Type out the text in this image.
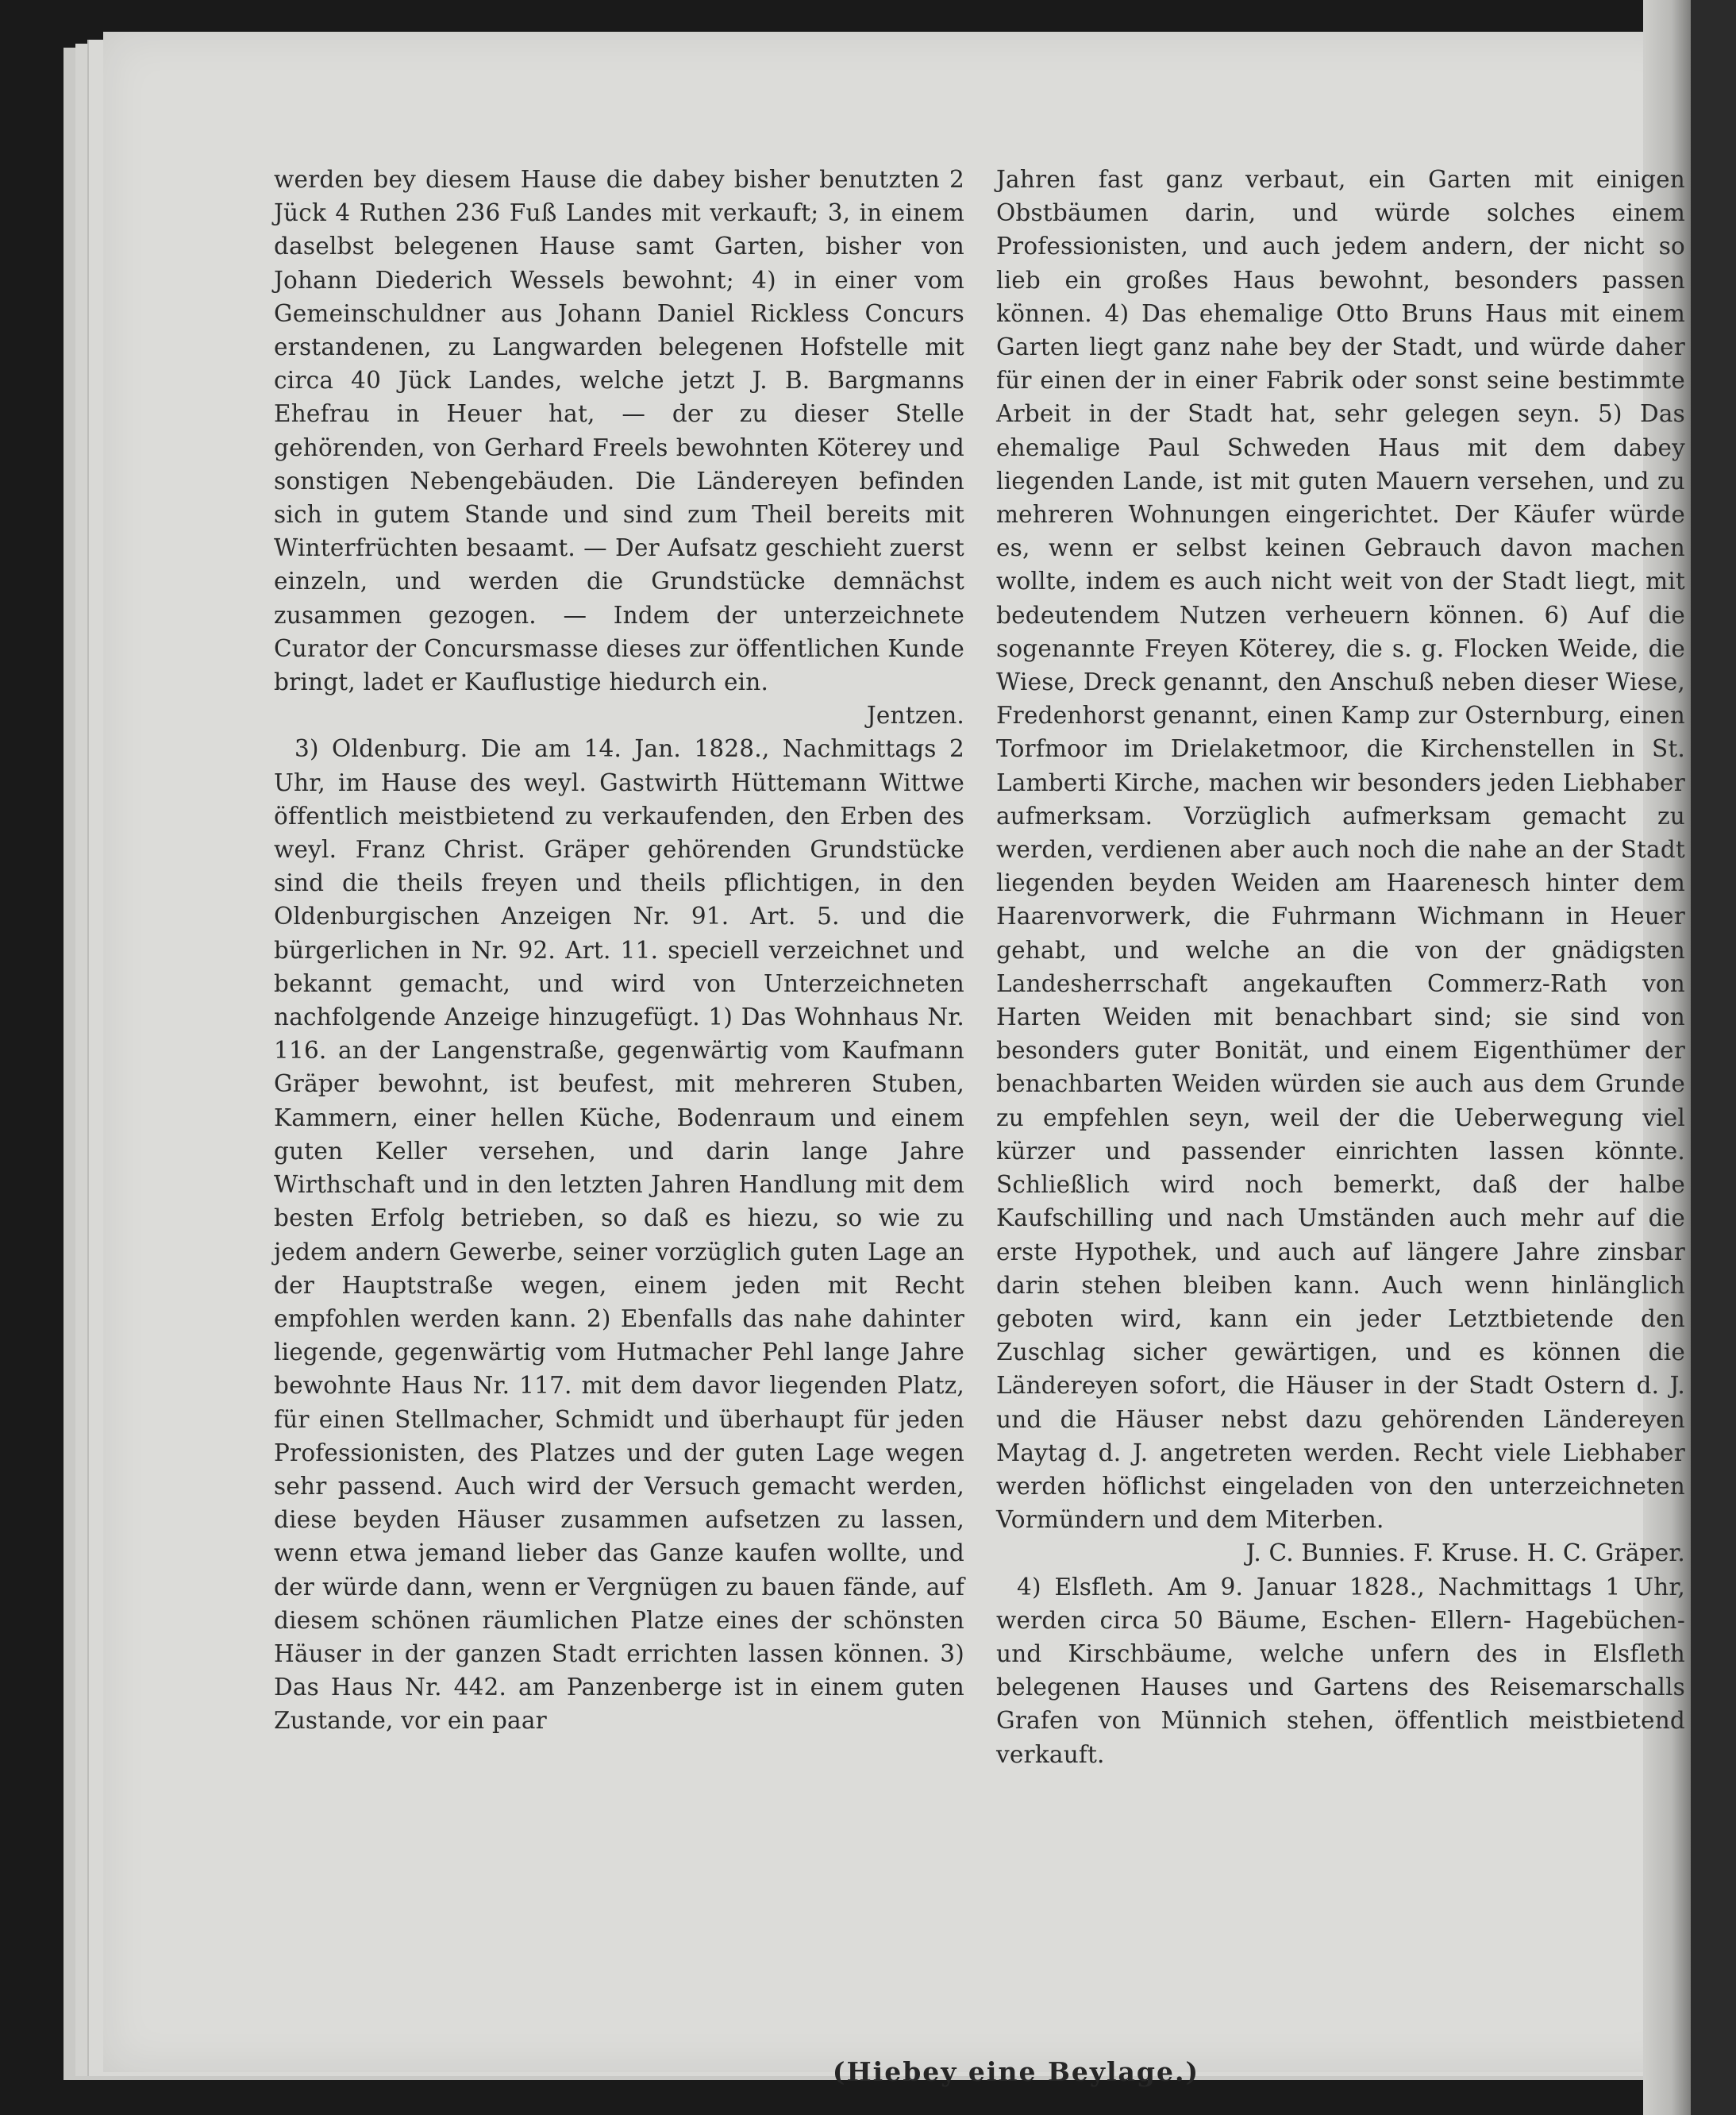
werden bey diesem Hause die dabey bisher benutzten 2 Jück 4 Ruthen 236 Fuß Landes mit verkauft; 3, in einem daselbst belegenen Hause samt Garten, bisher von Johann Diederich Wessels bewohnt; 4) in einer vom Gemeinschuldner aus Johann Daniel Rickless Concurs erstandenen, zu Langwarden belegenen Hofstelle mit circa 40 Jück Landes, welche jetzt J. B. Bargmanns Ehefrau in Heuer hat, — der zu dieser Stelle gehörenden, von Gerhard Freels bewohnten Köterey und sonstigen Nebengebäuden. Die Ländereyen befinden sich in gutem Stande und sind zum Theil bereits mit Winterfrüchten besaamt. — Der Aufsatz geschieht zuerst einzeln, und werden die Grundstücke demnächst zusammen gezogen. — Indem der unterzeichnete Curator der Concursmasse dieses zur öffentlichen Kunde bringt, ladet er Kauflustige hiedurch ein.

Jentzen.

3) Oldenburg. Die am 14. Jan. 1828., Nachmittags 2 Uhr, im Hause des weyl. Gastwirth Hüttemann Wittwe öffentlich meistbietend zu verkaufenden, den Erben des weyl. Franz Christ. Gräper gehörenden Grundstücke sind die theils freyen und theils pflichtigen, in den Oldenburgischen Anzeigen Nr. 91. Art. 5. und die bürgerlichen in Nr. 92. Art. 11. speciell verzeichnet und bekannt gemacht, und wird von Unterzeichneten nachfolgende Anzeige hinzugefügt. 1) Das Wohnhaus Nr. 116. an der Langenstraße, gegenwärtig vom Kaufmann Gräper bewohnt, ist beufest, mit mehreren Stuben, Kammern, einer hellen Küche, Bodenraum und einem guten Keller versehen, und darin lange Jahre Wirthschaft und in den letzten Jahren Handlung mit dem besten Erfolg betrieben, so daß es hiezu, so wie zu jedem andern Gewerbe, seiner vorzüglich guten Lage an der Hauptstraße wegen, einem jeden mit Recht empfohlen werden kann. 2) Ebenfalls das nahe dahinter liegende, gegenwärtig vom Hutmacher Pehl lange Jahre bewohnte Haus Nr. 117. mit dem davor liegenden Platz, für einen Stellmacher, Schmidt und überhaupt für jeden Professionisten, des Platzes und der guten Lage wegen sehr passend. Auch wird der Versuch gemacht werden, diese beyden Häuser zusammen aufsetzen zu lassen, wenn etwa jemand lieber das Ganze kaufen wollte, und der würde dann, wenn er Vergnügen zu bauen fände, auf diesem schönen räumlichen Platze eines der schönsten Häuser in der ganzen Stadt errichten lassen können. 3) Das Haus Nr. 442. am Panzenberge ist in einem guten Zustande, vor ein paar

Jahren fast ganz verbaut, ein Garten mit einigen Obstbäumen darin, und würde solches einem Professionisten, und auch jedem andern, der nicht so lieb ein großes Haus bewohnt, besonders passen können. 4) Das ehemalige Otto Bruns Haus mit einem Garten liegt ganz nahe bey der Stadt, und würde daher für einen der in einer Fabrik oder sonst seine bestimmte Arbeit in der Stadt hat, sehr gelegen seyn. 5) Das ehemalige Paul Schweden Haus mit dem dabey liegenden Lande, ist mit guten Mauern versehen, und zu mehreren Wohnungen eingerichtet. Der Käufer würde es, wenn er selbst keinen Gebrauch davon machen wollte, indem es auch nicht weit von der Stadt liegt, mit bedeutendem Nutzen verheuern können. 6) Auf die sogenannte Freyen Köterey, die s. g. Flocken Weide, die Wiese, Dreck genannt, den Anschuß neben dieser Wiese, Fredenhorst genannt, einen Kamp zur Osternburg, einen Torfmoor im Drielaketmoor, die Kirchenstellen in St. Lamberti Kirche, machen wir besonders jeden Liebhaber aufmerksam. Vorzüglich aufmerksam gemacht zu werden, verdienen aber auch noch die nahe an der Stadt liegenden beyden Weiden am Haarenesch hinter dem Haarenvorwerk, die Fuhrmann Wichmann in Heuer gehabt, und welche an die von der gnädigsten Landesherrschaft angekauften Commerz-Rath von Harten Weiden mit benachbart sind; sie sind von besonders guter Bonität, und einem Eigenthümer der benachbarten Weiden würden sie auch aus dem Grunde zu empfehlen seyn, weil der die Ueberwegung viel kürzer und passender einrichten lassen könnte. Schließlich wird noch bemerkt, daß der halbe Kaufschilling und nach Umständen auch mehr auf die erste Hypothek, und auch auf längere Jahre zinsbar darin stehen bleiben kann. Auch wenn hinlänglich geboten wird, kann ein jeder Letztbietende den Zuschlag sicher gewärtigen, und es können die Ländereyen sofort, die Häuser in der Stadt Ostern d. J. und die Häuser nebst dazu gehörenden Ländereyen Maytag d. J. angetreten werden. Recht viele Liebhaber werden höflichst eingeladen von den unterzeichneten Vormündern und dem Miterben.

J. C. Bunnies. F. Kruse. H. C. Gräper.

4) Elsfleth. Am 9. Januar 1828., Nachmittags 1 Uhr, werden circa 50 Bäume, Eschen- Ellern- Hagebüchen- und Kirschbäume, welche unfern des in Elsfleth belegenen Hauses und Gartens des Reisemarschalls Grafen von Münnich stehen, öffentlich meistbietend verkauft.

(Hiebey eine Beylage.)
